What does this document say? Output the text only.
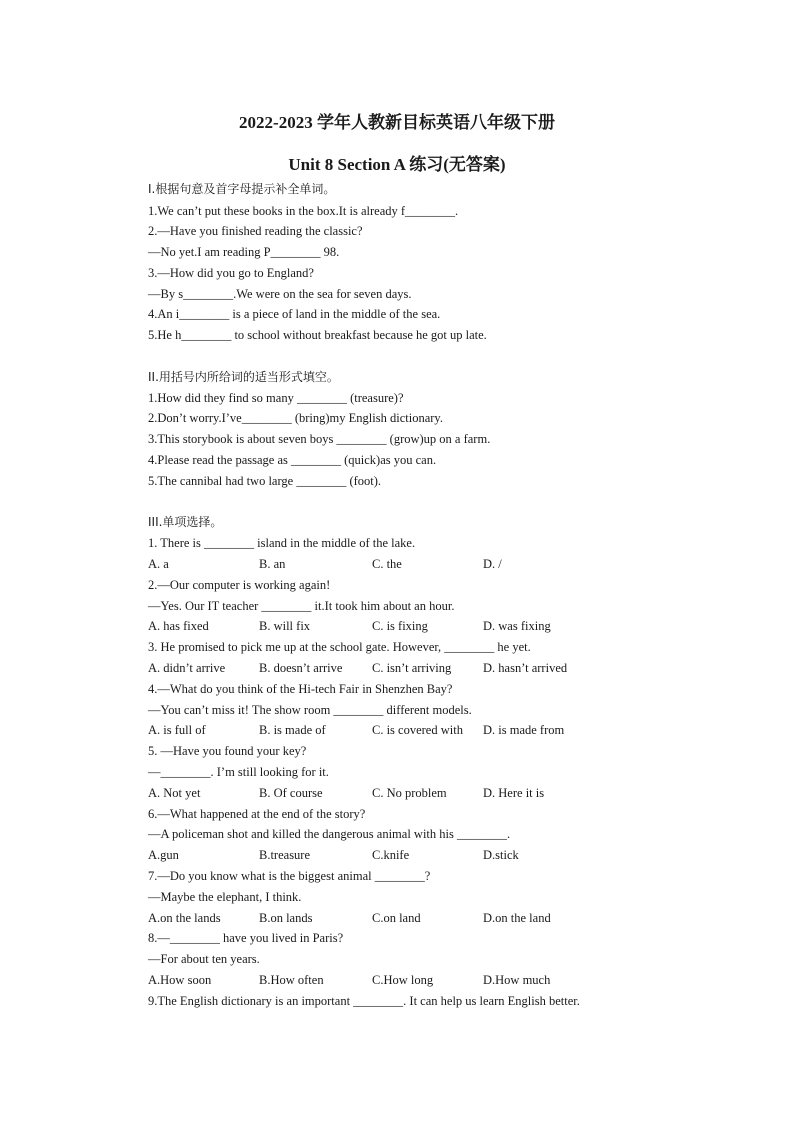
2022-2023 学年人教新目标英语八年级下册
Unit 8 Section A 练习(无答案)
I.根据句意及首字母提示补全单词。
1.We can’t put these books in the box.It is already f________.
2.—Have you finished reading the classic?
—No yet.I am reading P________ 98.
3.—How did you go to England?
—By s________.We were on the sea for seven days.
4.An i________ is a piece of land in the middle of the sea.
5.He h________ to school without breakfast because he got up late.
II.用括号内所给词的适当形式填空。
1.How did they find so many ________ (treasure)?
2.Don’t worry.I’ve________ (bring)my English dictionary.
3.This storybook is about seven boys ________ (grow)up on a farm.
4.Please read the passage as ________ (quick)as you can.
5.The cannibal had two large ________ (foot).
III.单项选择。
1. There is ________ island in the middle of the lake.
A. a	B. an	C. the	D. /
2.—Our computer is working again!
—Yes. Our IT teacher ________ it.It took him about an hour.
A. has fixed	B. will fix	C. is fixing	D. was fixing
3. He promised to pick me up at the school gate. However, ________ he yet.
A. didn’t arrive	B. doesn’t arrive C. isn’t arriving	D. hasn’t arrived
4.—What do you think of the Hi-tech Fair in Shenzhen Bay?
—You can’t miss it! The show room ________ different models.
A. is full of	B. is made of	C. is covered with D. is made from
5. —Have you found your key?
—________. I’m still looking for it.
A. Not yet	B. Of course	C. No problem	D. Here it is
6.—What happened at the end of the story?
—A policeman shot and killed the dangerous animal with his ________.
A.gun	B.treasure	C.knife	D.stick
7.—Do you know what is the biggest animal ________?
—Maybe the elephant, I think.
A.on the lands	B.on lands	C.on land	D.on the land
8.—________ have you lived in Paris?
—For about ten years.
A.How soon	B.How often	C.How long	D.How much
9.The English dictionary is an important ________. It can help us learn English better.
